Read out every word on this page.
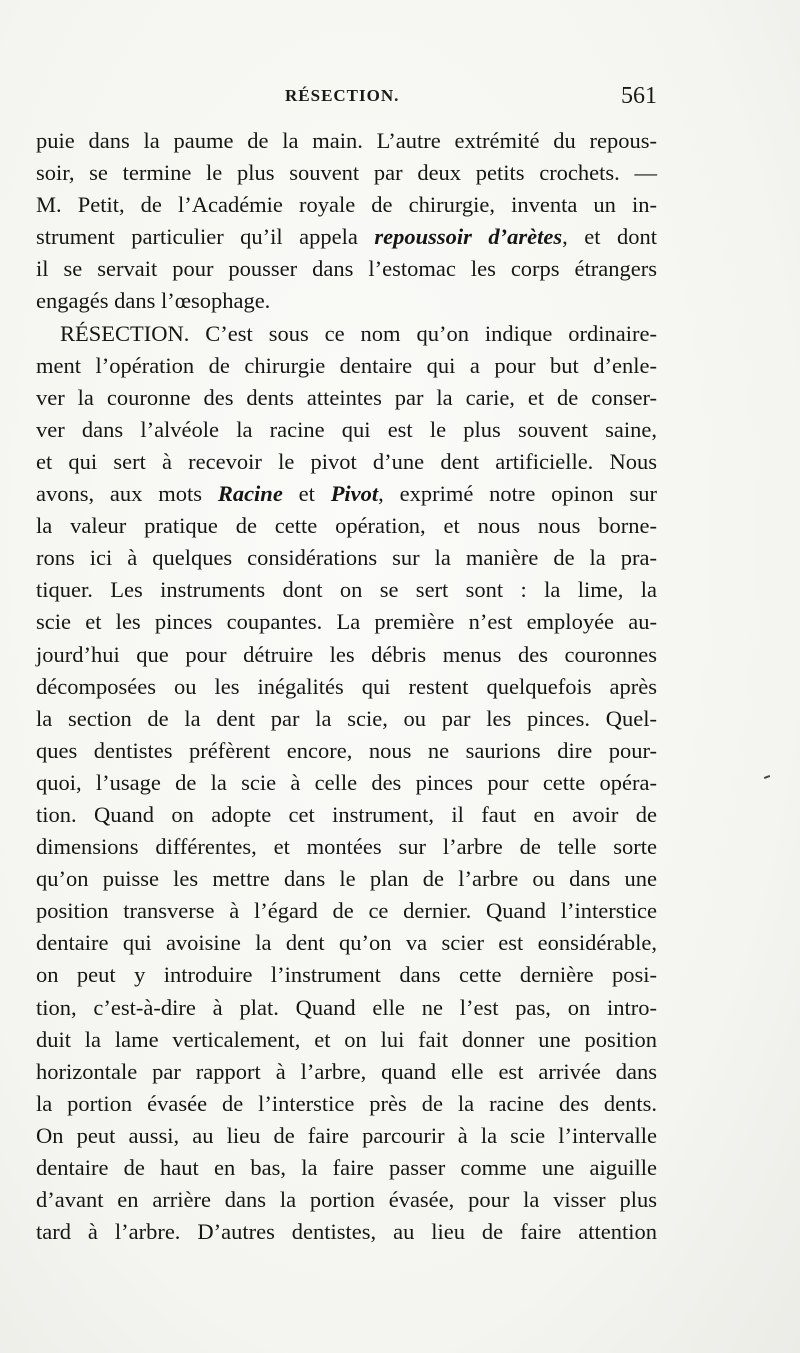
RÉSECTION.	561
puie dans la paume de la main. L’autre extrémité du repous-
soir, se termine le plus souvent par deux petits crochets. —
M. Petit, de l’Académie royale de chirurgie, inventa un in-
strument particulier qu’il appela repoussoir d’arètes, et dont
il se servait pour pousser dans l’estomac les corps étrangers
engagés dans l’œsophage.
RÉSECTION. C’est sous ce nom qu’on indique ordinaire-
ment l’opération de chirurgie dentaire qui a pour but d’enle-
ver la couronne des dents atteintes par la carie, et de conser-
ver dans l’alvéole la racine qui est le plus souvent saine,
et qui sert à recevoir le pivot d’une dent artificielle. Nous
avons, aux mots Racine et Pivot, exprimé notre opinon sur
la valeur pratique de cette opération, et nous nous borne-
rons ici à quelques considérations sur la manière de la pra-
tiquer. Les instruments dont on se sert sont : la lime, la
scie et les pinces coupantes. La première n’est employée au-
jourd’hui que pour détruire les débris menus des couronnes
décomposées ou les inégalités qui restent quelquefois après
la section de la dent par la scie, ou par les pinces. Quel-
ques dentistes préfèrent encore, nous ne saurions dire pour-
quoi, l’usage de la scie à celle des pinces pour cette opéra-
tion. Quand on adopte cet instrument, il faut en avoir de
dimensions différentes, et montées sur l’arbre de telle sorte
qu’on puisse les mettre dans le plan de l’arbre ou dans une
position transverse à l’égard de ce dernier. Quand l’interstice
dentaire qui avoisine la dent qu’on va scier est eonsidérable,
on peut y introduire l’instrument dans cette dernière posi-
tion, c’est-à-dire à plat. Quand elle ne l’est pas, on intro-
duit la lame verticalement, et on lui fait donner une position
horizontale par rapport à l’arbre, quand elle est arrivée dans
la portion évasée de l’interstice près de la racine des dents.
On peut aussi, au lieu de faire parcourir à la scie l’intervalle
dentaire de haut en bas, la faire passer comme une aiguille
d’avant en arrière dans la portion évasée, pour la visser plus
tard à l’arbre. D’autres dentistes, au lieu de faire attention
